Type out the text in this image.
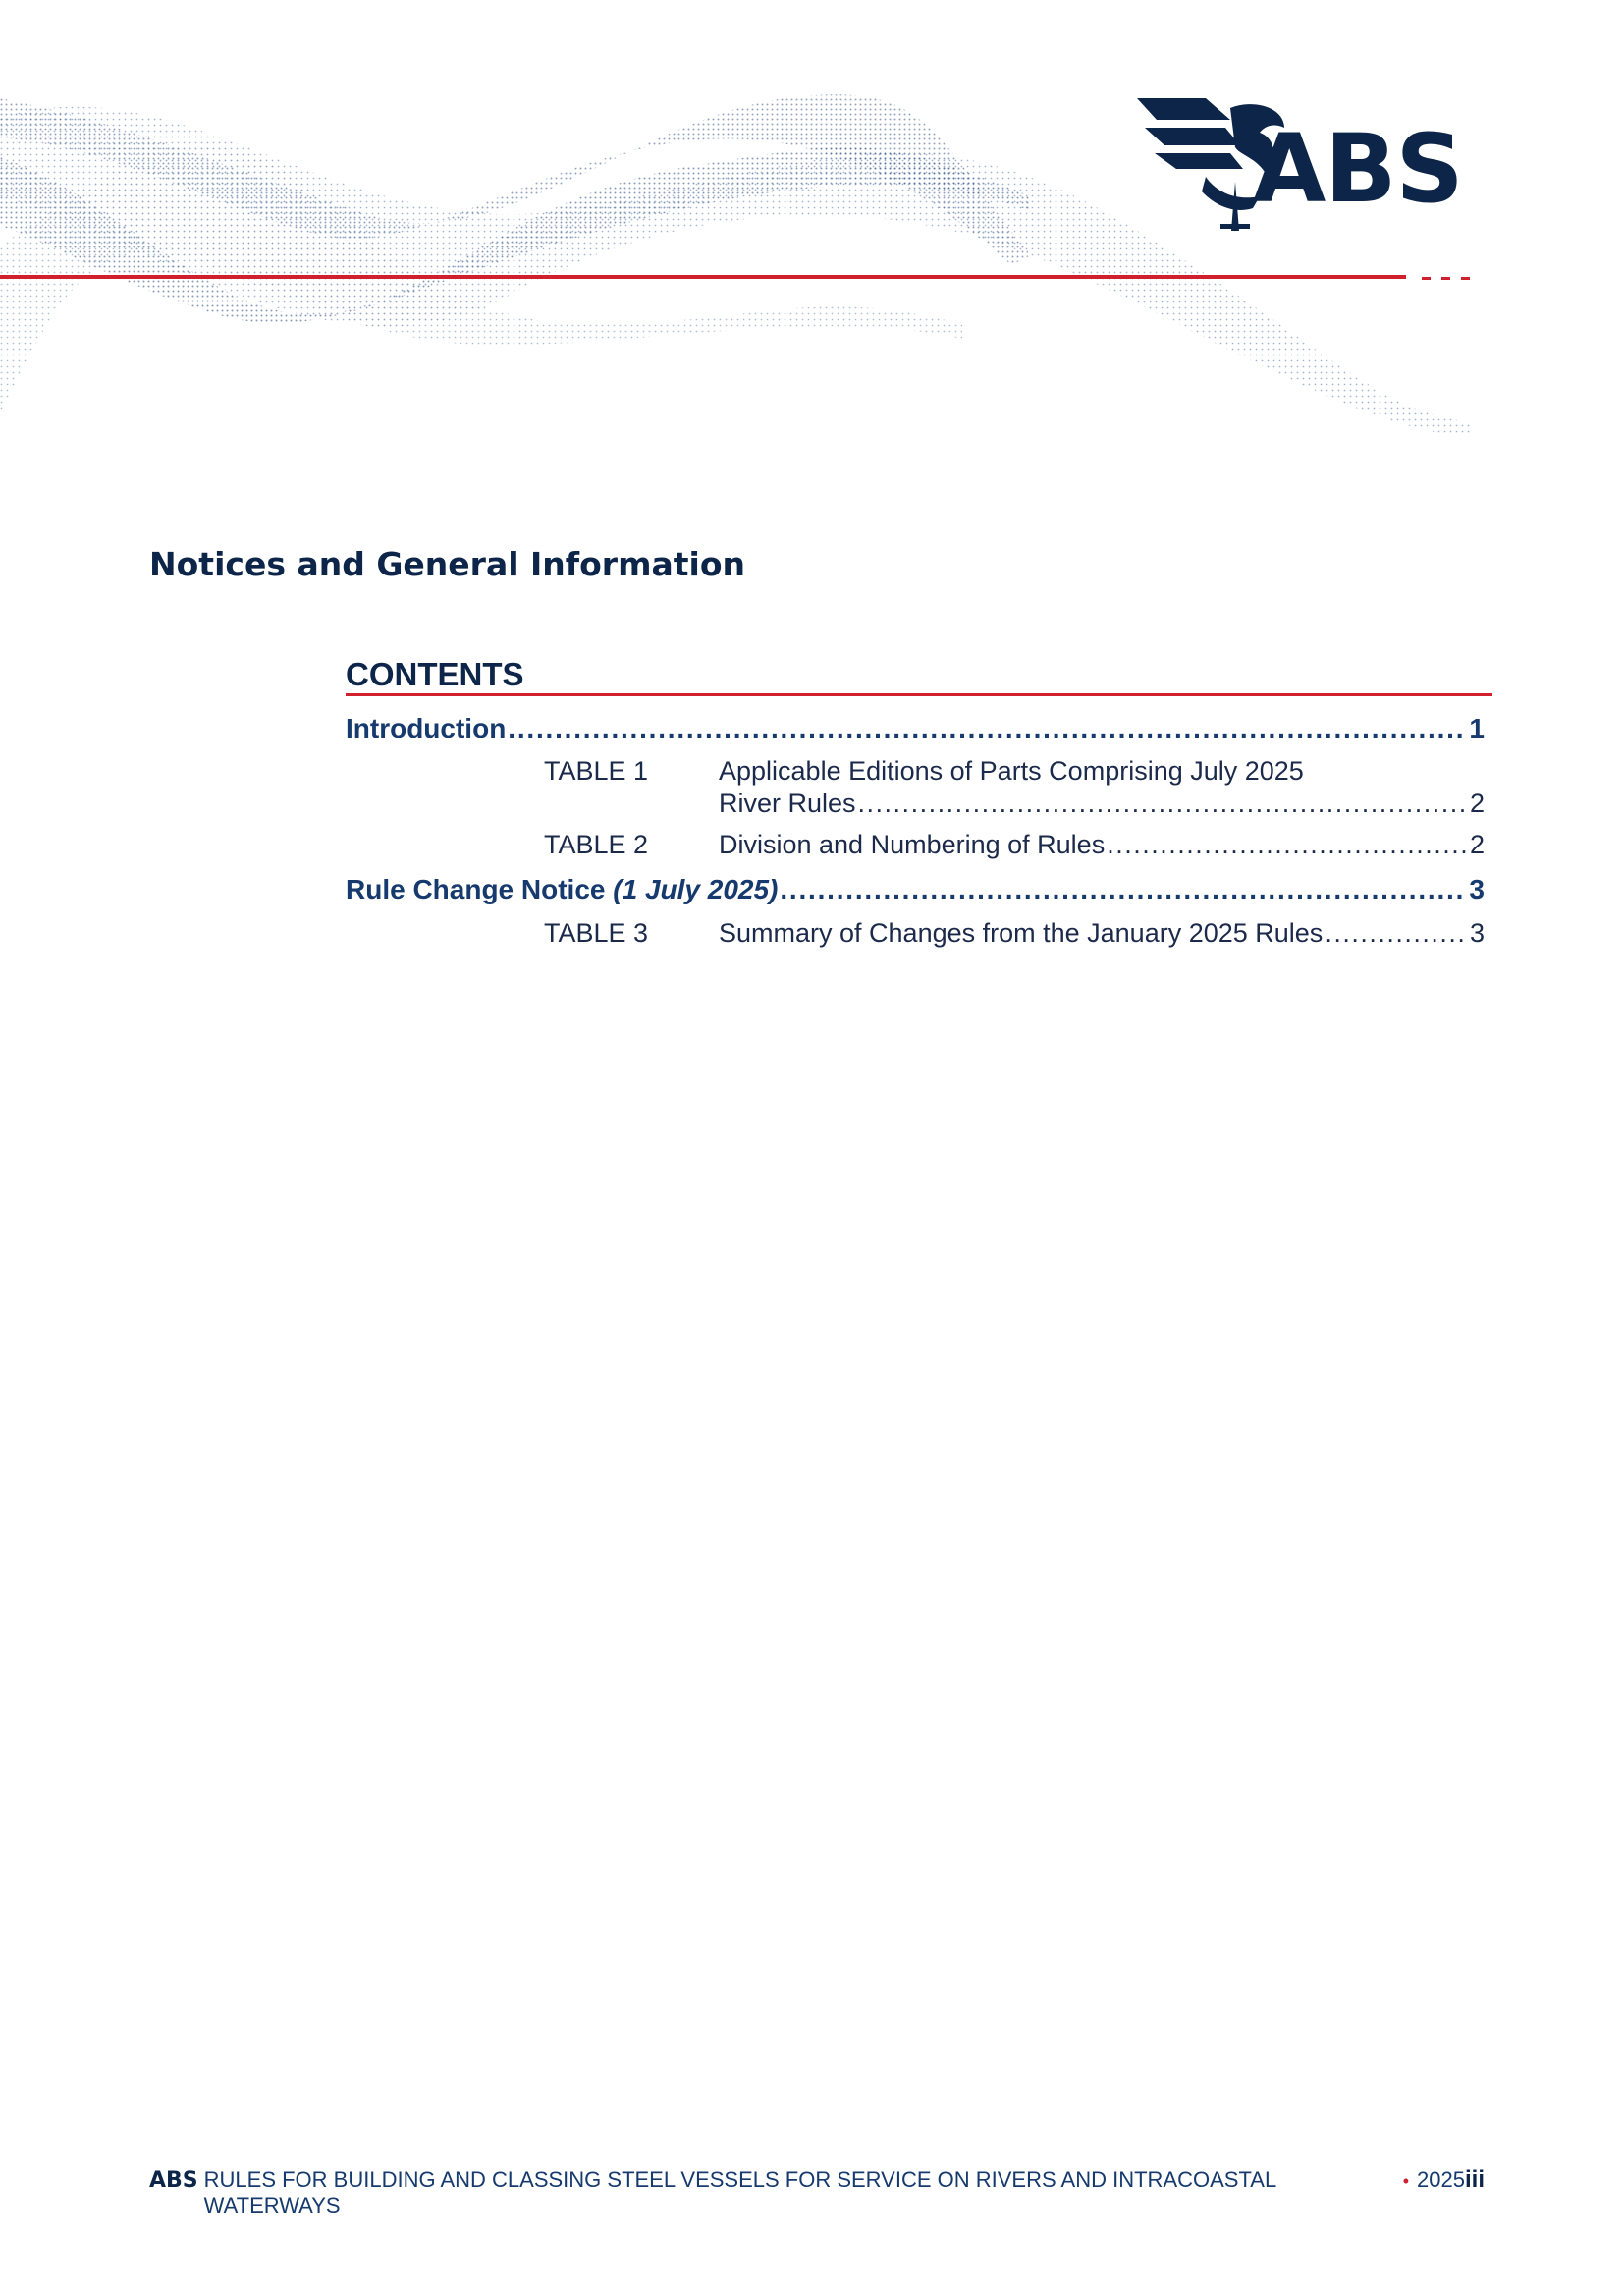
ABS
Notices and General Information
CONTENTS
Introduction . . .	1
TABLE 1	Applicable Editions of Parts Comprising July 2025
River Rules . . .	2
TABLE 2	Division and Numbering of Rules . . .	2
Rule Change Notice (1 July 2025) . . .	3
TABLE 3	Summary of Changes from the January 2025 Rules . . .	3
ABS RULES FOR BUILDING AND CLASSING STEEL VESSELS FOR SERVICE ON RIVERS AND INTRACOASTAL WATERWAYS
• 2025 iii
